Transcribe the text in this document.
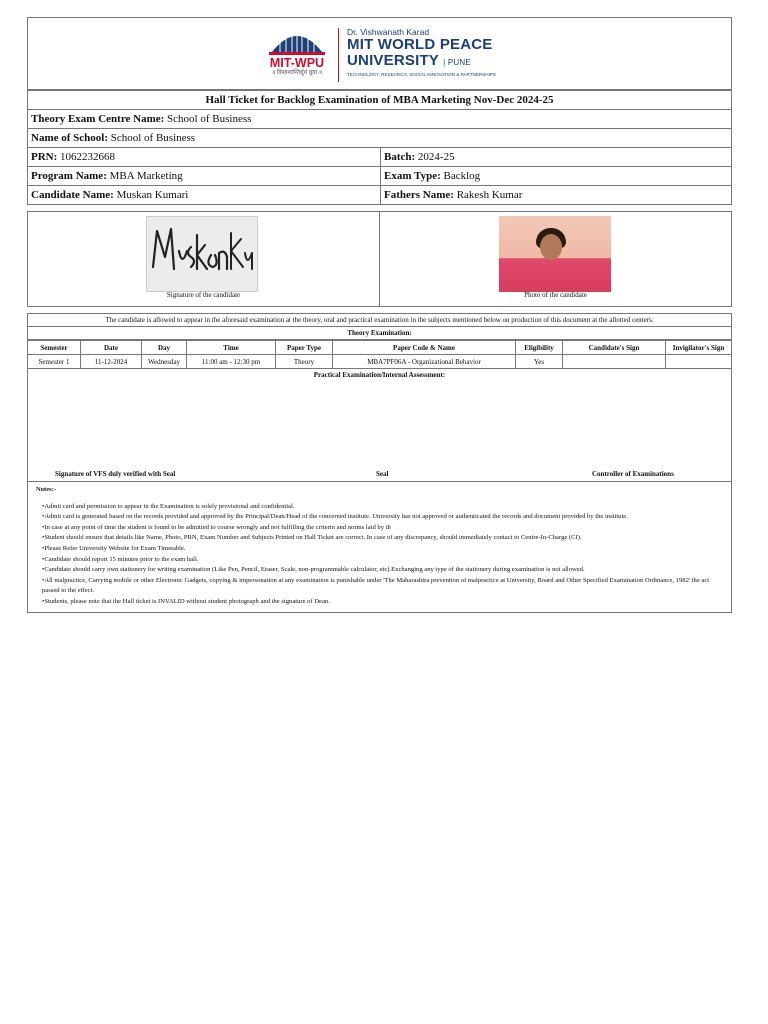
MIT-WPU
॥ विश्वशान्तिर्ध्रुवं ध्रुवा ॥
Dr. Vishwanath Karad
MIT WORLD PEACE
UNIVERSITY | PUNE
TECHNOLOGY, RESEARCH, SOCIAL INNOVATION & PARTNERSHIPS
Hall Ticket for Backlog Examination of MBA Marketing Nov-Dec 2024-25	
Theory Exam Centre Name: School of Business	
Name of School: School of Business	
PRN: 1062232668	Batch: 2024-25
Program Name: MBA Marketing	Exam Type: Backlog
Candidate Name: Muskan Kumari	Fathers Name: Rakesh Kumar
Signature of the candidate	Photo of the candidate
The candidate is allowed to appear in the aforesaid examination at the theory, oral and practical examination in the subjects mentioned below on production of this document at the allotted centers.
Theory Examination:
Semester	Date	Day	Time	Paper Type	Paper Code & Name	Eligibility	Candidate's Sign	Invigilator's Sign
Semester 1	11-12-2024	Wednesday	11:00 am - 12:30 pm	Theory	MBA7PF06A - Organizational Behavior	Yes		
Practical Examination/Internal Assessment:
Signature of VFS duly verified with Seal	Seal	Controller of Examinations
Notes:-
• Admit card and permission to appear in the Examination is solely provisional and confidential.
• Admit card is generated based on the records provided and approved by the Principal/Dean/Head of the concerned institute. University has not approved or authenticated the records and document provided by the institute.
• In case at any point of time the student is found to be admitted to course wrongly and not fulfilling the criterin and norms laid by th
• Student should ensure that details like Name, Photo, PRN, Exam Number and Subjects Printed on Hall Ticket are correct. In case of any discrepancy, should immediately contact to Centre-In-Charge (CI).
• Please Refer University Website for Exam Timetable.
• Candidate should report 15 minutes prior to the exam hall.
• Candidate should carry own stationery for writing examination (Like Pen, Pencil, Eraser, Scale, non-programmable calculator, etc).Exchanging any type of the stationery during examination is not allowed.
• All malpractice, Carrying mobile or other Electronic Gadgets, copying & impersonation at any examination is punishable under 'The Maharashtra prevention of malpractice at University, Board and Other Specified Examination Ordinance, 1982' the act passed to the effect.
• Students, please note that the Hall ticket is INVALID without student photograph and the signature of Dean.
